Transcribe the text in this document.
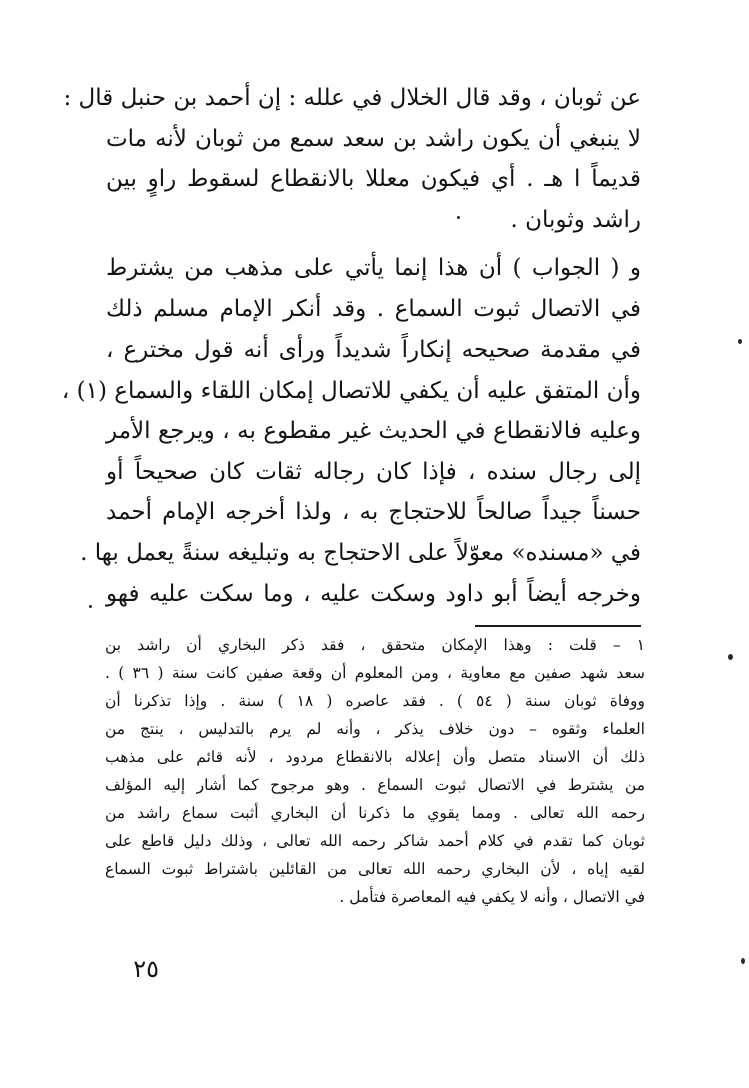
عن ثوبان ، وقد قال الخلال في علله : إن أحمد بن حنبل قال :
لا ينبغي أن يكون راشد بن سعد سمع من ثوبان لأنه مات
قديماً ا هـ . أي فيكون معللا بالانقطاع لسقوط راوٍ بين
راشد وثوبان .
و ( الجواب ) أن هذا إنما يأتي على مذهب من يشترط
في الاتصال ثبوت السماع . وقد أنكر الإمام مسلم ذلك
في مقدمة صحيحه إنكاراً شديداً ورأى أنه قول مخترع ،
وأن المتفق عليه أن يكفي للاتصال إمكان اللقاء والسماع (١) ،
وعليه فالانقطاع في الحديث غير مقطوع به ، ويرجع الأمر
إلى رجال سنده ، فإذا كان رجاله ثقات كان صحيحاً أو
حسناً جيداً صالحاً للاحتجاج به ، ولذا أخرجه الإمام أحمد
في «مسنده» معوّلاً على الاحتجاج به وتبليغه سنةً يعمل بها .
وخرجه أيضاً أبو داود وسكت عليه ، وما سكت عليه فهو
١ – قلت : وهذا الإمكان متحقق ، فقد ذكر البخاري أن راشد بن
سعد شهد صفين مع معاوية ، ومن المعلوم أن وقعة صفين كانت سنة ( ٣٦ ) .
ووفاة ثوبان سنة ( ٥٤ ) . فقد عاصره ( ١٨ ) سنة . وإذا تذكرنا أن
العلماء وثقوه – دون خلاف يذكر ، وأنه لم يرم بالتدليس ، ينتج من
ذلك أن الاسناد متصل وأن إعلاله بالانقطاع مردود ، لأنه قائم على مذهب
من يشترط في الاتصال ثبوت السماع . وهو مرجوح كما أشار إليه المؤلف
رحمه الله تعالى . ومما يقوي ما ذكرنا أن البخاري أثبت سماع راشد من
ثوبان كما تقدم في كلام أحمد شاكر رحمه الله تعالى ، وذلك دليل قاطع على
لقيه إياه ، لأن البخاري رحمه الله تعالى من القائلين باشتراط ثبوت السماع
في الاتصال ، وأنه لا يكفي فيه المعاصرة فتأمل .
٢٥
